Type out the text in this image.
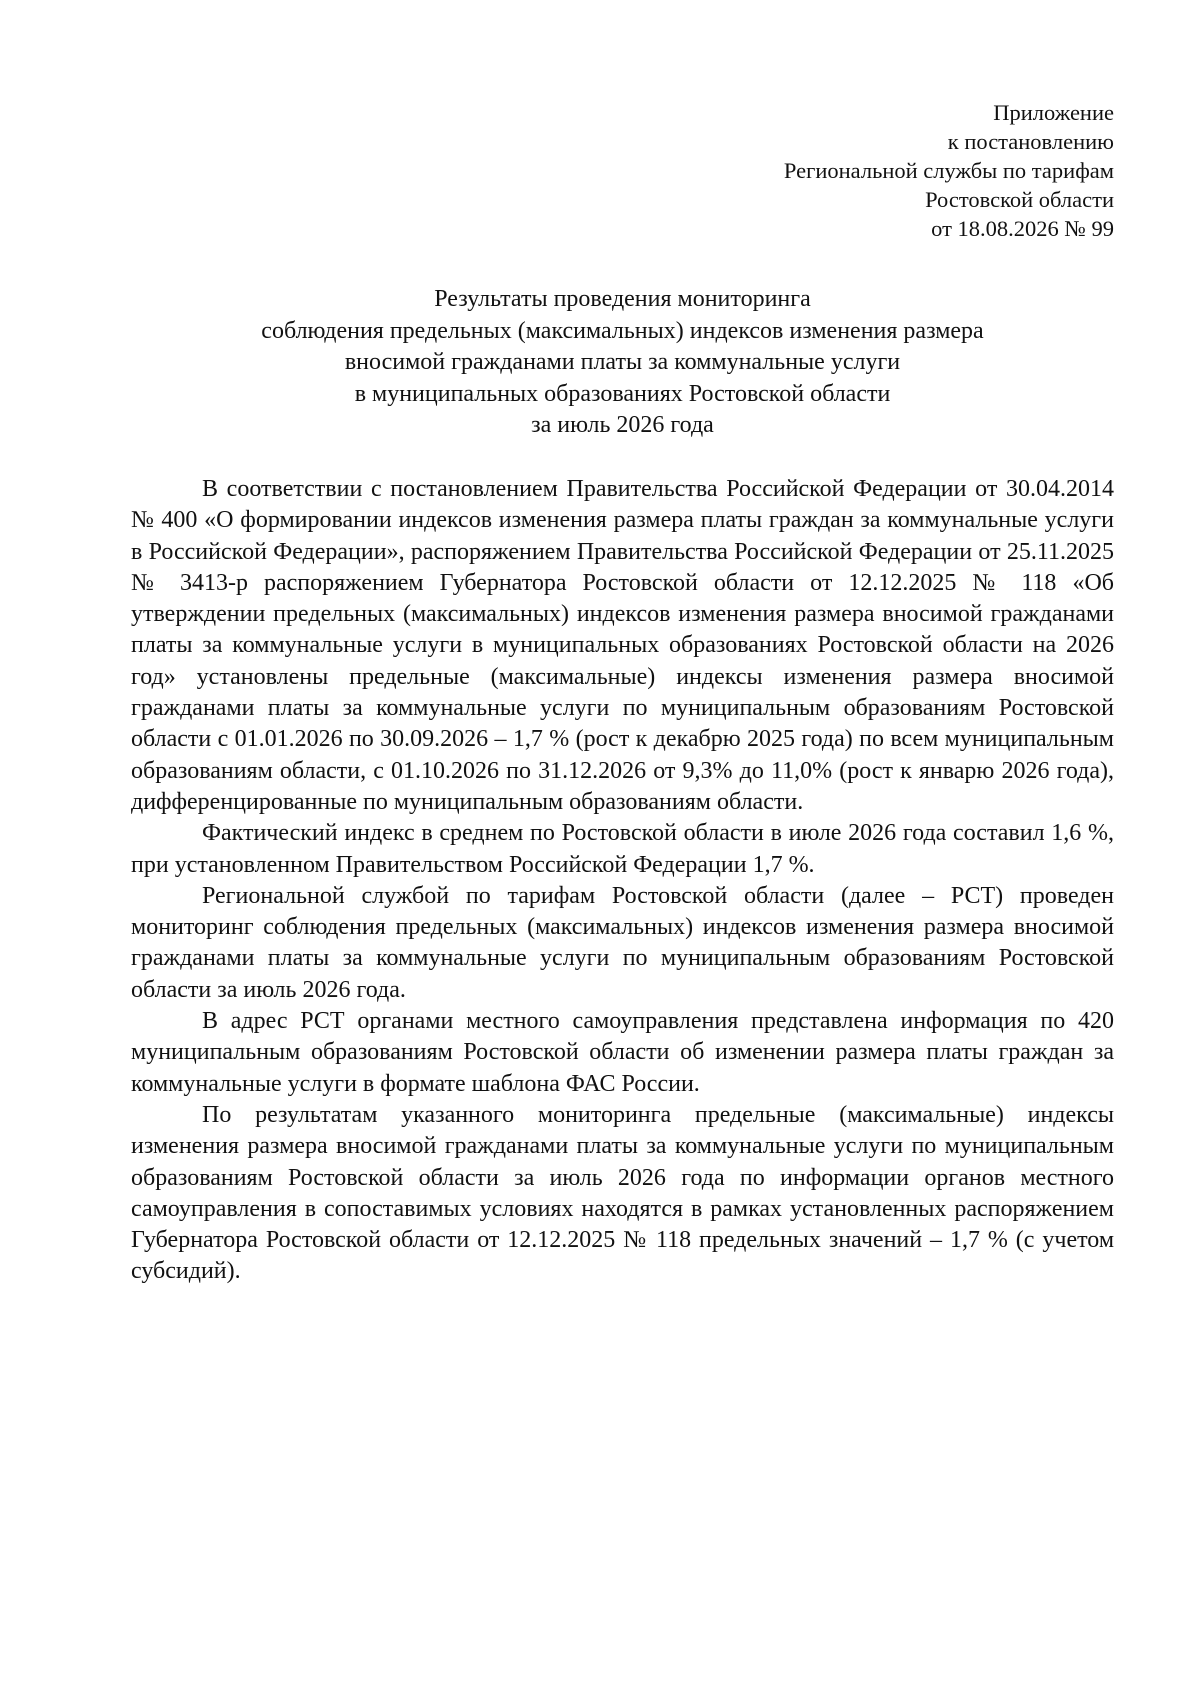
Приложение
к постановлению
Региональной службы по тарифам
Ростовской области
от 18.08.2026 № 99
Результаты проведения мониторинга
соблюдения предельных (максимальных) индексов изменения размера
вносимой гражданами платы за коммунальные услуги
в муниципальных образованиях Ростовской области
за июль 2026 года

В соответствии с постановлением Правительства Российской Федерации от 30.04.2014 № 400 «О формировании индексов изменения размера платы граждан за коммунальные услуги в Российской Федерации», распоряжением Правительства Российской Федерации от 25.11.2025 № 3413-р распоряжением Губернатора Ростовской области от 12.12.2025 № 118 «Об утверждении предельных (максимальных) индексов изменения размера вносимой гражданами платы за коммунальные услуги в муниципальных образованиях Ростовской области на 2026 год» установлены предельные (максимальные) индексы изменения размера вносимой гражданами платы за коммунальные услуги по муниципальным образованиям Ростовской области с 01.01.2026 по 30.09.2026 – 1,7 % (рост к декабрю 2025 года) по всем муниципальным образованиям области, с 01.10.2026 по 31.12.2026 от 9,3% до 11,0% (рост к январю 2026 года), дифференцированные по муниципальным образованиям области.

Фактический индекс в среднем по Ростовской области в июле 2026 года составил 1,6 %, при установленном Правительством Российской Федерации 1,7 %.

Региональной службой по тарифам Ростовской области (далее – РСТ) проведен мониторинг соблюдения предельных (максимальных) индексов изменения размера вносимой гражданами платы за коммунальные услуги по муниципальным образованиям Ростовской области за июль 2026 года.

В адрес РСТ органами местного самоуправления представлена информация по 420 муниципальным образованиям Ростовской области об изменении размера платы граждан за коммунальные услуги в формате шаблона ФАС России.

По результатам указанного мониторинга предельные (максимальные) индексы изменения размера вносимой гражданами платы за коммунальные услуги по муниципальным образованиям Ростовской области за июль 2026 года по информации органов местного самоуправления в сопоставимых условиях находятся в рамках установленных распоряжением Губернатора Ростовской области от 12.12.2025 № 118 предельных значений – 1,7 % (с учетом субсидий).
